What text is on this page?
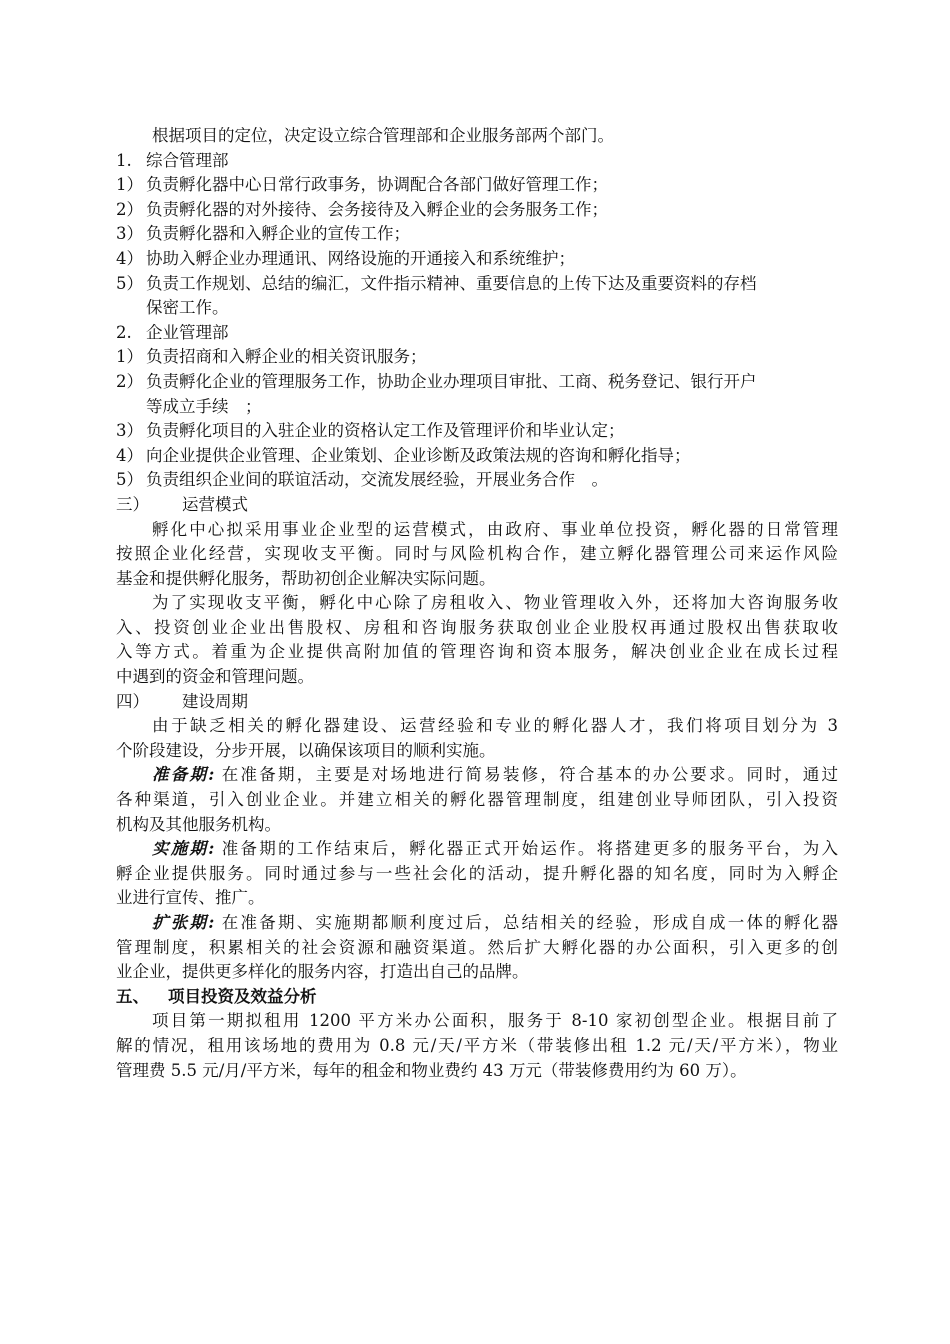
根据项目的定位，决定设立综合管理部和企业服务部两个部门。
1. 综合管理部
1） 负责孵化器中心日常行政事务，协调配合各部门做好管理工作；
2） 负责孵化器的对外接待、会务接待及入孵企业的会务服务工作；
3） 负责孵化器和入孵企业的宣传工作；
4） 协助入孵企业办理通讯、网络设施的开通接入和系统维护；
5） 负责工作规划、总结的编汇，文件指示精神、重要信息的上传下达及重要资料的存档
保密工作。
2. 企业管理部
1） 负责招商和入孵企业的相关资讯服务；
2） 负责孵化企业的管理服务工作，协助企业办理项目审批、工商、税务登记、银行开户
等成立手续　；
3） 负责孵化项目的入驻企业的资格认定工作及管理评价和毕业认定；
4） 向企业提供企业管理、企业策划、企业诊断及政策法规的咨询和孵化指导；
5） 负责组织企业间的联谊活动，交流发展经验，开展业务合作　。
三） 运营模式
孵化中心拟采用事业企业型的运营模式，由政府、事业单位投资，孵化器的日常管理
按照企业化经营，实现收支平衡。同时与风险机构合作，建立孵化器管理公司来运作风险
基金和提供孵化服务，帮助初创企业解决实际问题。
为了实现收支平衡，孵化中心除了房租收入、物业管理收入外，还将加大咨询服务收
入、投资创业企业出售股权、房租和咨询服务获取创业企业股权再通过股权出售获取收
入等方式。着重为企业提供高附加值的管理咨询和资本服务，解决创业企业在成长过程
中遇到的资金和管理问题。
四） 建设周期
由于缺乏相关的孵化器建设、运营经验和专业的孵化器人才，我们将项目划分为 3
个阶段建设，分步开展，以确保该项目的顺利实施。
准备期: 在准备期，主要是对场地进行简易装修，符合基本的办公要求。同时，通过
各种渠道，引入创业企业。并建立相关的孵化器管理制度，组建创业导师团队，引入投资
机构及其他服务机构。
实施期: 准备期的工作结束后，孵化器正式开始运作。将搭建更多的服务平台，为入
孵企业提供服务。同时通过参与一些社会化的活动，提升孵化器的知名度，同时为入孵企
业进行宣传、推广。
扩张期: 在准备期、实施期都顺利度过后，总结相关的经验，形成自成一体的孵化器
管理制度，积累相关的社会资源和融资渠道。然后扩大孵化器的办公面积，引入更多的创
业企业，提供更多样化的服务内容，打造出自己的品牌。
五、 项目投资及效益分析
项目第一期拟租用 1200 平方米办公面积，服务于 8-10 家初创型企业。根据目前了
解的情况，租用该场地的费用为 0.8 元/天/平方米（带装修出租 1.2 元/天/平方米），物业
管理费 5.5 元/月/平方米，每年的租金和物业费约 43 万元（带装修费用约为 60 万）。
